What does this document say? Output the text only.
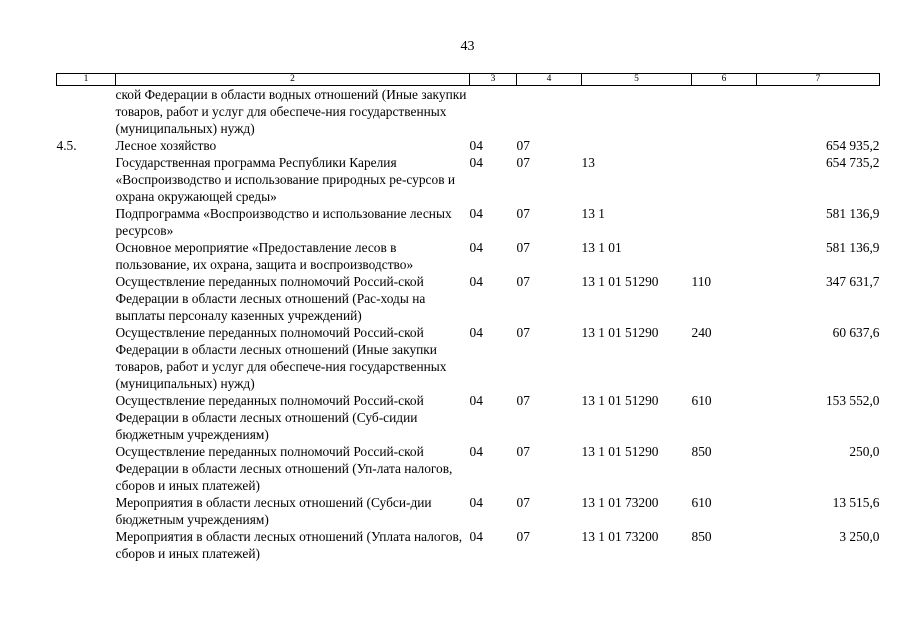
43
1	2	3	4	5	6	7
	ской Федерации в области водных отношений (Иные закупки товаров, работ и услуг для обеспече-ния государственных (муниципальных) нужд)					
4.5.	Лесное хозяйство	04	07			654 935,2
	Государственная программа Республики Карелия «Воспроизводство и использование природных ре-сурсов и охрана окружающей среды»	04	07	13		654 735,2
	Подпрограмма «Воспроизводство и использование лесных ресурсов»	04	07	13 1		581 136,9
	Основное мероприятие «Предоставление лесов в пользование, их охрана, защита и воспроизводство»	04	07	13 1 01		581 136,9
	Осуществление переданных полномочий Россий-ской Федерации в области лесных отношений (Рас-ходы на выплаты персоналу казенных учреждений)	04	07	13 1 01 51290	110	347 631,7
	Осуществление переданных полномочий Россий-ской Федерации в области лесных отношений (Иные закупки товаров, работ и услуг для обеспече-ния государственных (муниципальных) нужд)	04	07	13 1 01 51290	240	60 637,6
	Осуществление переданных полномочий Россий-ской Федерации в области лесных отношений (Суб-сидии бюджетным учреждениям)	04	07	13 1 01 51290	610	153 552,0
	Осуществление переданных полномочий Россий-ской Федерации в области лесных отношений (Уп-лата налогов, сборов и иных платежей)	04	07	13 1 01 51290	850	250,0
	Мероприятия в области лесных отношений (Субси-дии бюджетным учреждениям)	04	07	13 1 01 73200	610	13 515,6
	Мероприятия в области лесных отношений (Уплата налогов, сборов и иных платежей)	04	07	13 1 01 73200	850	3 250,0
